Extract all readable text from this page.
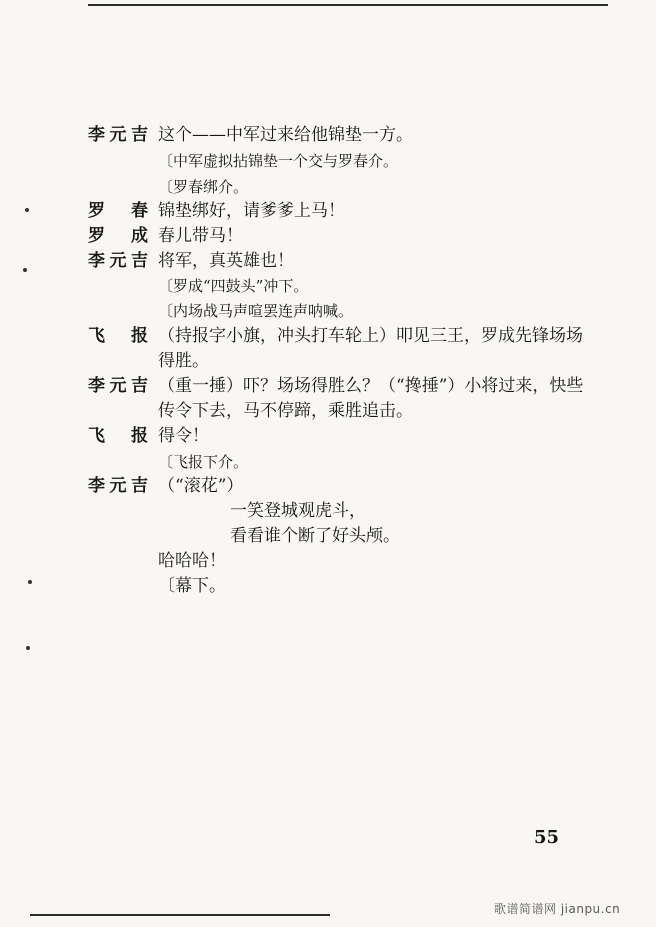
李元吉 这个——中军过来给他锦垫一方。
〔中军虚拟拈锦垫一个交与罗春介。
〔罗春绑介。
罗春 锦垫绑好，请爹爹上马！
罗成 春儿带马！
李元吉 将军，真英雄也！
〔罗成“四鼓头”冲下。
〔内场战马声喧罢连声呐喊。
飞报 （持报字小旗，冲头打车轮上）叩见三王，罗成先锋场场
得胜。
李元吉 （重一捶）吓？场场得胜么？（“搀捶”）小将过来，快些
传令下去，马不停蹄，乘胜追击。
飞报 得令！
〔飞报下介。
李元吉 （“滚花”）
一笑登城观虎斗，
看看谁个断了好头颅。
哈哈哈！
〔幕下。
55
歌谱简谱网 jianpu.cn
